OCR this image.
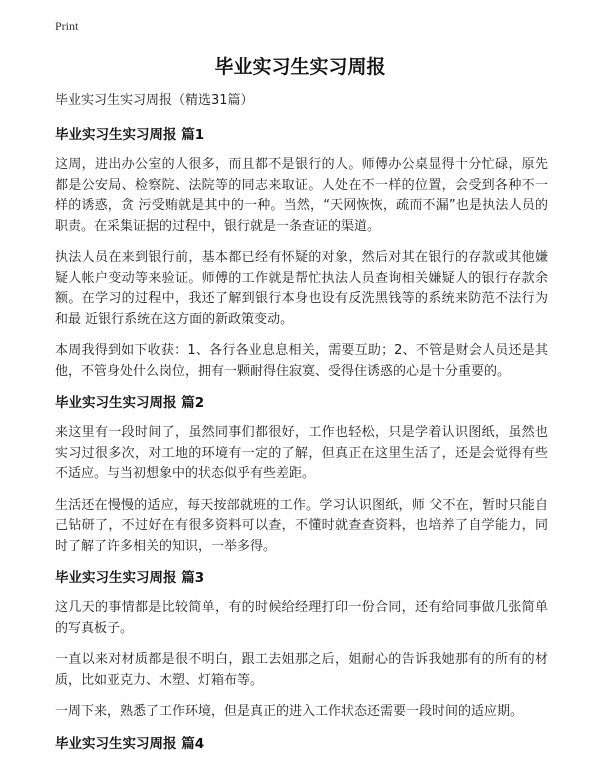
Print
毕业实习生实习周报

毕业实习生实习周报（精选31篇）

毕业实习生实习周报 篇1

这周，进出办公室的人很多，而且都不是银行的人。师傅办公桌显得十分忙碌，原先都是公安局、检察院、法院等的同志来取证。人处在不一样的位置，会受到各种不一样的诱惑，贪 污受贿就是其中的一种。当然，“天网恢恢，疏而不漏”也是执法人员的职责。在采集证据的过程中，银行就是一条查证的渠道。

执法人员在来到银行前，基本都已经有怀疑的对象，然后对其在银行的存款或其他嫌疑人帐户变动等来验证。师傅的工作就是帮忙执法人员查询相关嫌疑人的银行存款余额。在学习的过程中，我还了解到银行本身也设有反洗黑钱等的系统来防范不法行为和最 近银行系统在这方面的新政策变动。

本周我得到如下收获：1、各行各业息息相关，需要互助；2、不管是财会人员还是其他，不管身处什么岗位，拥有一颗耐得住寂寞、受得住诱惑的心是十分重要的。

毕业实习生实习周报 篇2

来这里有一段时间了，虽然同事们都很好，工作也轻松，只是学着认识图纸，虽然也实习过很多次，对工地的环境有一定的了解，但真正在这里生活了，还是会觉得有些不适应。与当初想象中的状态似乎有些差距。

生活还在慢慢的适应，每天按部就班的工作。学习认识图纸，师 父不在，暂时只能自己钻研了，不过好在有很多资料可以查，不懂时就查查资料，也培养了自学能力，同时了解了许多相关的知识，一举多得。

毕业实习生实习周报 篇3

这几天的事情都是比较简单，有的时候给经理打印一份合同，还有给同事做几张简单的写真板子。

一直以来对材质都是很不明白，跟工去姐那之后，姐耐心的告诉我她那有的所有的材质，比如亚克力、木塑、灯箱布等。

一周下来，熟悉了工作环境，但是真正的进入工作状态还需要一段时间的适应期。

毕业实习生实习周报 篇4
